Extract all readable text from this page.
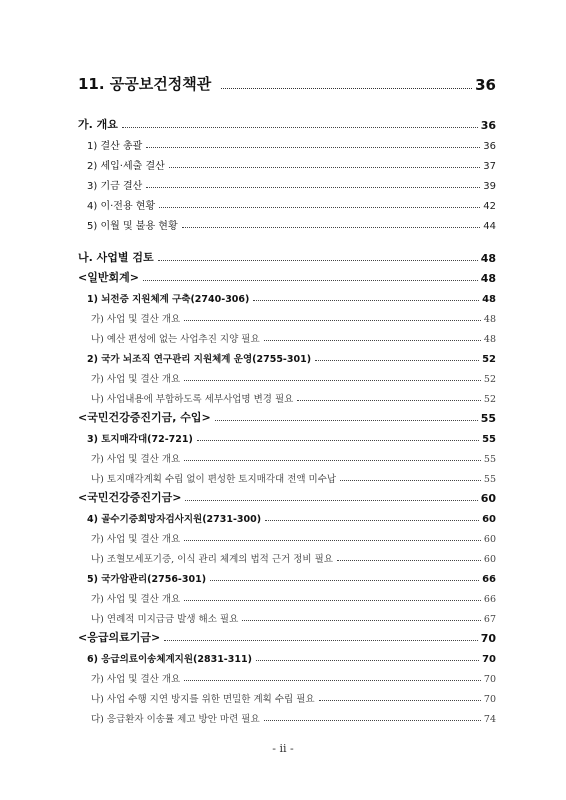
11. 공공보건정책관	36
가. 개요	36
1) 결산 총괄	36
2) 세입·세출 결산	37
3) 기금 결산	39
4) 이·전용 현황	42
5) 이월 및 불용 현황	44
나. 사업별 검토	48
<일반회계>	48
1) 뇌전증 지원체계 구축(2740-306)	48
가) 사업 및 결산 개요	48
나) 예산 편성에 없는 사업추진 지양 필요	48
2) 국가 뇌조직 연구관리 지원체계 운영(2755-301)	52
가) 사업 및 결산 개요	52
나) 사업내용에 부합하도록 세부사업명 변경 필요	52
<국민건강증진기금, 수입>	55
3) 토지매각대(72-721)	55
가) 사업 및 결산 개요	55
나) 토지매각계획 수립 없이 편성한 토지매각대 전액 미수납	55
<국민건강증진기금>	60
4) 골수기증희망자검사지원(2731-300)	60
가) 사업 및 결산 개요	60
나) 조혈모세포기증, 이식 관리 체계의 법적 근거 정비 필요	60
5) 국가암관리(2756-301)	66
가) 사업 및 결산 개요	66
나) 연례적 미지급금 발생 해소 필요	67
<응급의료기금>	70
6) 응급의료이송체계지원(2831-311)	70
가) 사업 및 결산 개요	70
나) 사업 수행 지연 방지를 위한 면밀한 계획 수립 필요	70
다) 응급환자 이송률 제고 방안 마련 필요	74
- ii -
